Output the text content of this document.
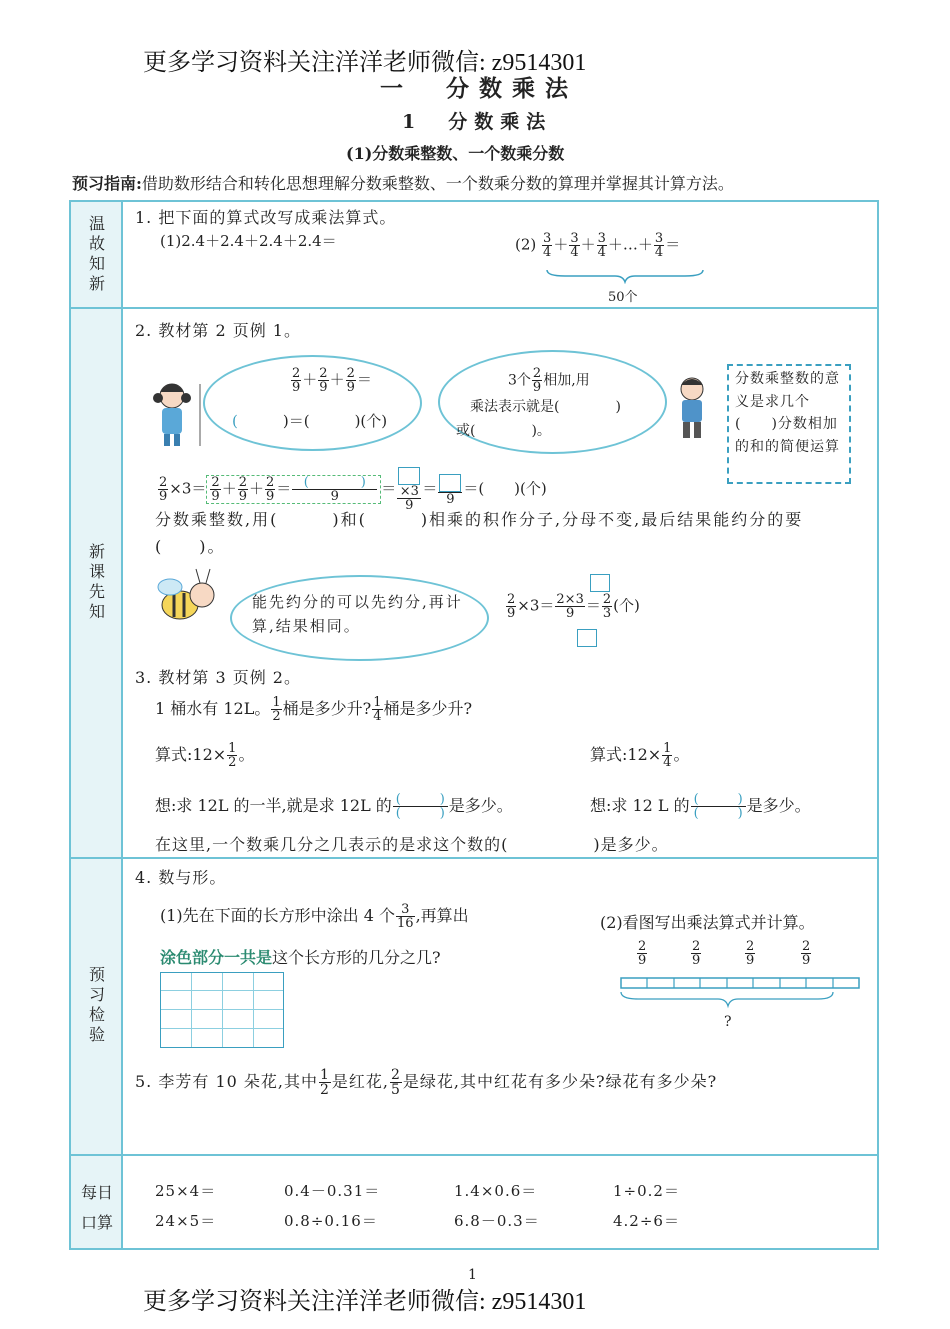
更多学习资料关注洋洋老师微信: z9514301
一　分数乘法
1　分数乘法
(1)分数乘整数、一个数乘分数
预习指南:借助数形结合和转化思想理解分数乘整数、一个数乘分数的算理并掌握其计算方法。
温故知新
新课先知
预习检验
每日口算
1. 把下面的算式改写成乘法算式。
(1)2.4＋2.4＋2.4＋2.4＝	$(2) \frac{3}{4} + \frac{3}{4} + \frac{3}{4}$ ＋…＋ $\frac{3}{4}$ ＝
50个
2. 教材第 2 页例 1。
$\frac{2}{9} + \frac{2}{9} + \frac{2}{9}$ ＝
(　　　)＝(　　　)(个)
3个 $\frac{2}{9}$ 相加,用
乘法表示就是(　　　　)
或(　　　　)。
分数乘整数的意义是求几个(　　)分数相加的和的简便运算
$\frac{2}{9} \times 3= \frac{2}{9} + \frac{2}{9} + \frac{2}{9} = \frac{( )}{9} = \frac{\times 3}{9}$ ＝
9
＝(　　)(个)
分数乘整数,用(　　　)和(　　　)相乘的积作分子,分母不变,最后结果能约分的要(　　)。
能先约分的可以先约分,再计算,结果相同。
$\frac{2}{9} \times 3= \frac{2\times 3}{9} = \frac{2}{3}$ (个)
3. 教材第 3 页例 2。
1 桶水有 12L。 $\frac{1}{2}$ 桶是多少升? $\frac{1}{4}$ 桶是多少升?
算式:12× $\frac{1}{2}$ 。	算式:12× $\frac{1}{4}$ 。
想:求 12L 的一半,就是求 12L 的 $\frac{( )}{( )}$ 是多少。	想:求 12 L 的 $\frac{( )}{( )}$ 是多少。
在这里,一个数乘几分之几表示的是求这个数的(　　　　　)是多少。
4. 数与形。
(1)先在下面的长方形中涂出 4 个 $\frac{3}{16}$ ,再算出
涂色部分一共是这个长方形的几分之几?
(2)看图写出乘法算式并计算。
$\frac{2}{9}$	$\frac{2}{9}$	$\frac{2}{9}$	$\frac{2}{9}$
?
5. 李芳有 10 朵花,其中 $\frac{1}{2}$ 是红花, $\frac{2}{5}$ 是绿花,其中红花有多少朵?绿花有多少朵?
25×4＝	0.4－0.31＝	1.4×0.6＝	1÷0.2＝
24×5＝	0.8÷0.16＝	6.8－0.3＝	4.2÷6＝
1
更多学习资料关注洋洋老师微信: z9514301
